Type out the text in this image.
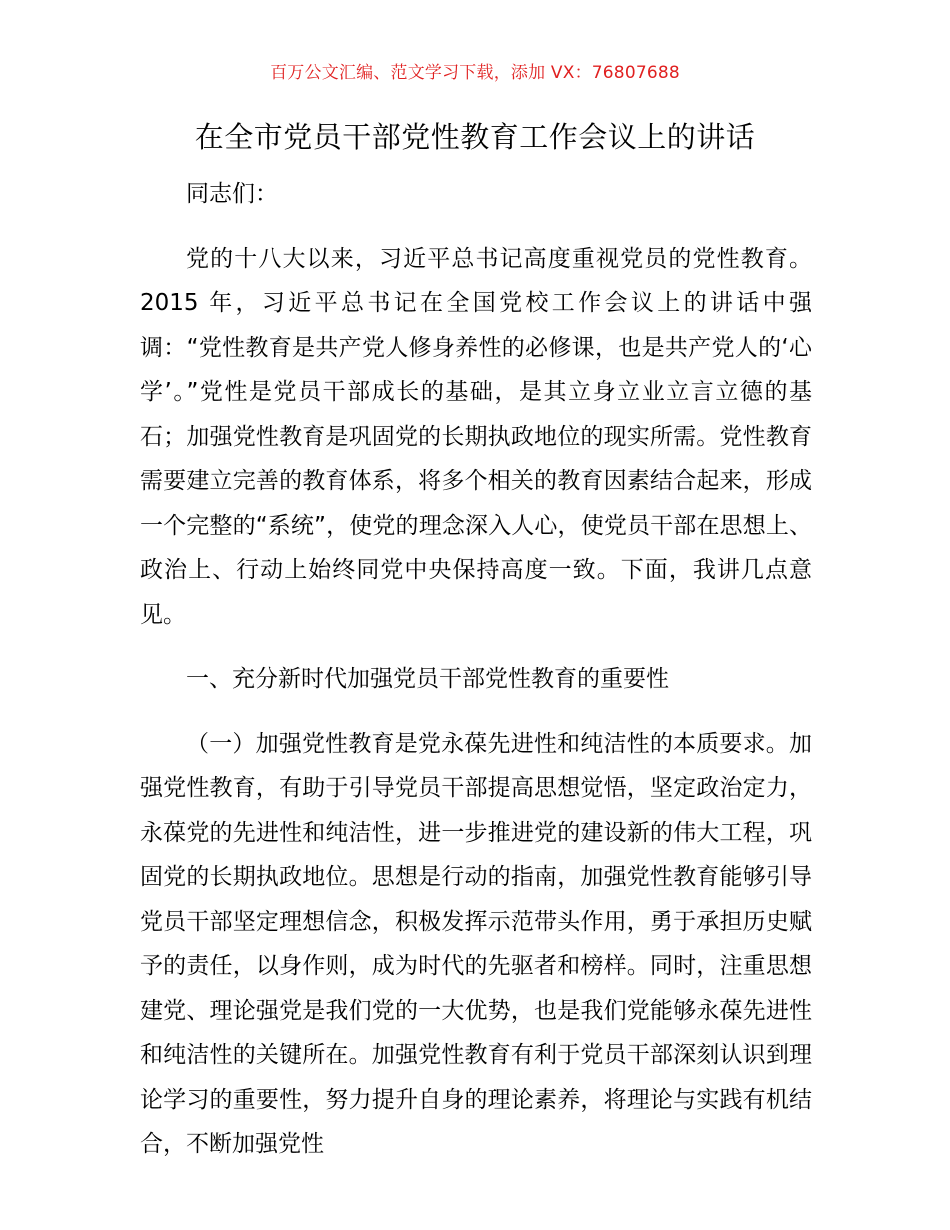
百万公文汇编、范文学习下载，添加 VX：76807688
在全市党员干部党性教育工作会议上的讲话

同志们：

党的十八大以来，习近平总书记高度重视党员的党性教育。2015 年，习近平总书记在全国党校工作会议上的讲话中强调：“党性教育是共产党人修身养性的必修课，也是共产党人的‘心学’。”党性是党员干部成长的基础，是其立身立业立言立德的基石；加强党性教育是巩固党的长期执政地位的现实所需。党性教育需要建立完善的教育体系，将多个相关的教育因素结合起来，形成一个完整的“系统”，使党的理念深入人心，使党员干部在思想上、政治上、行动上始终同党中央保持高度一致。下面，我讲几点意见。

一、充分新时代加强党员干部党性教育的重要性

（一）加强党性教育是党永葆先进性和纯洁性的本质要求。加强党性教育，有助于引导党员干部提高思想觉悟，坚定政治定力，永葆党的先进性和纯洁性，进一步推进党的建设新的伟大工程，巩固党的长期执政地位。思想是行动的指南，加强党性教育能够引导党员干部坚定理想信念，积极发挥示范带头作用，勇于承担历史赋予的责任，以身作则，成为时代的先驱者和榜样。同时，注重思想建党、理论强党是我们党的一大优势，也是我们党能够永葆先进性和纯洁性的关键所在。加强党性教育有利于党员干部深刻认识到理论学习的重要性，努力提升自身的理论素养，将理论与实践有机结合，不断加强党性
